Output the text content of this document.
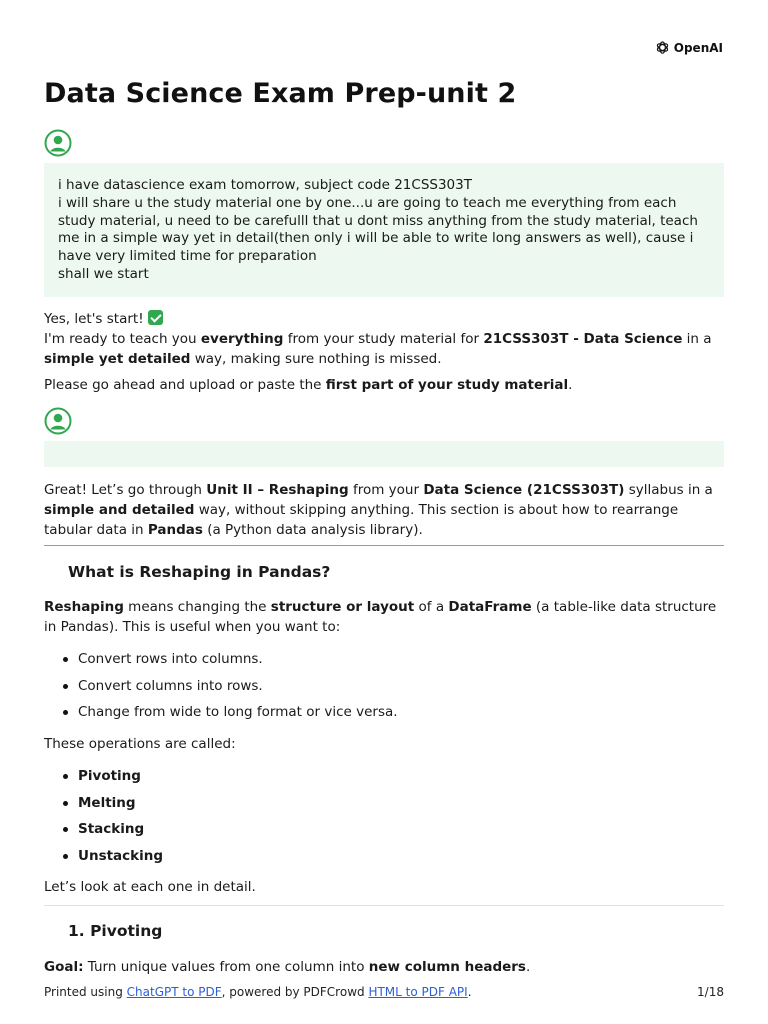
OpenAI
Data Science Exam Prep-unit 2

i have datascience exam tomorrow, subject code 21CSS303T

i will share u the study material one by one...u are going to teach me everything from each study material, u need to be carefulll that u dont miss anything from the study material, teach me in a simple way yet in detail(then only i will be able to write long answers as well), cause i have very limited time for preparation

shall we start

Yes, let's start!

I'm ready to teach you everything from your study material for 21CSS303T - Data Science in a simple yet detailed way, making sure nothing is missed.

Please go ahead and upload or paste the first part of your study material.

Great! Let’s go through Unit II – Reshaping from your Data Science (21CSS303T) syllabus in a simple and detailed way, without skipping anything. This section is about how to rearrange tabular data in Pandas (a Python data analysis library).

What is Reshaping in Pandas?

Reshaping means changing the structure or layout of a DataFrame (a table-like data structure in Pandas). This is useful when you want to:

Convert rows into columns.
Convert columns into rows.
Change from wide to long format or vice versa.

These operations are called:

Pivoting
Melting
Stacking
Unstacking

Let’s look at each one in detail.

1. Pivoting

Goal: Turn unique values from one column into new column headers.

Printed using ChatGPT to PDF, powered by PDFCrowd HTML to PDF API.	1/18
